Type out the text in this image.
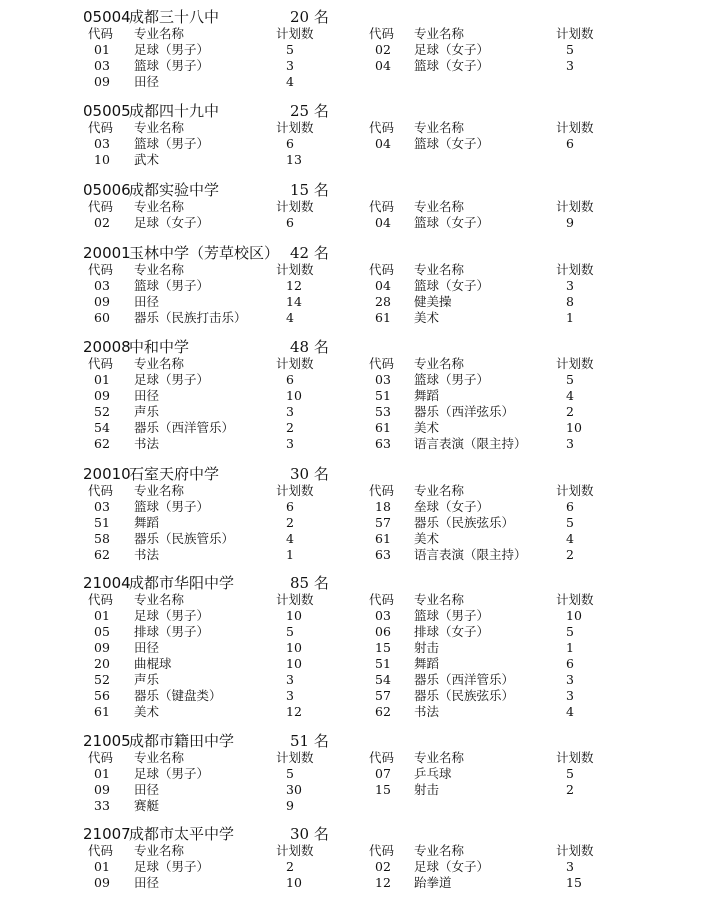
05004
成都三十八中	20 名
代码 专业名称	计划数	代码 专业名称	计划数
01 足球（男子）	5	02 足球（女子）	5
03 篮球（男子）	3	04 篮球（女子）	3
09 田径	4
05005
成都四十九中	25 名
代码 专业名称	计划数	代码 专业名称	计划数
03 篮球（男子）	6	04 篮球（女子）	6
10 武术	13
05006
成都实验中学	15 名
代码 专业名称	计划数	代码 专业名称	计划数
02 足球（女子）	6	04 篮球（女子）	9
20001
玉林中学（芳草校区） 42 名
代码 专业名称	计划数	代码 专业名称	计划数
03 篮球（男子）	12	04 篮球（女子）	3
09 田径	14	28 健美操	8
60 器乐（民族打击乐）	4	61 美术	1
20008
中和中学	48 名
代码 专业名称	计划数	代码 专业名称	计划数
01 足球（男子）	6	03 篮球（男子）	5
09 田径	10	51 舞蹈	4
52 声乐	3	53 器乐（西洋弦乐）	2
54 器乐（西洋管乐）	2	61 美术	10
62 书法	3	63 语言表演（限主持）	3
20010
石室天府中学	30 名
代码 专业名称	计划数	代码 专业名称	计划数
03 篮球（男子）	6	18 垒球（女子）	6
51 舞蹈	2	57 器乐（民族弦乐）	5
58 器乐（民族管乐）	4	61 美术	4
62 书法	1	63 语言表演（限主持）	2
21004
成都市华阳中学	85 名
代码 专业名称	计划数	代码 专业名称	计划数
01 足球（男子）	10	03 篮球（男子）	10
05 排球（男子）	5	06 排球（女子）	5
09 田径	10	15 射击	1
20 曲棍球	10	51 舞蹈	6
52 声乐	3	54 器乐（西洋管乐）	3
56 器乐（键盘类）	3	57 器乐（民族弦乐）	3
61 美术	12	62 书法	4
21005
成都市籍田中学	51 名
代码 专业名称	计划数	代码 专业名称	计划数
01 足球（男子）	5	07 乒乓球	5
09 田径	30	15 射击	2
33 赛艇	9
21007
成都市太平中学	30 名
代码 专业名称	计划数	代码 专业名称	计划数
01 足球（男子）	2	02 足球（女子）	3
09 田径	10	12 跆拳道	15
